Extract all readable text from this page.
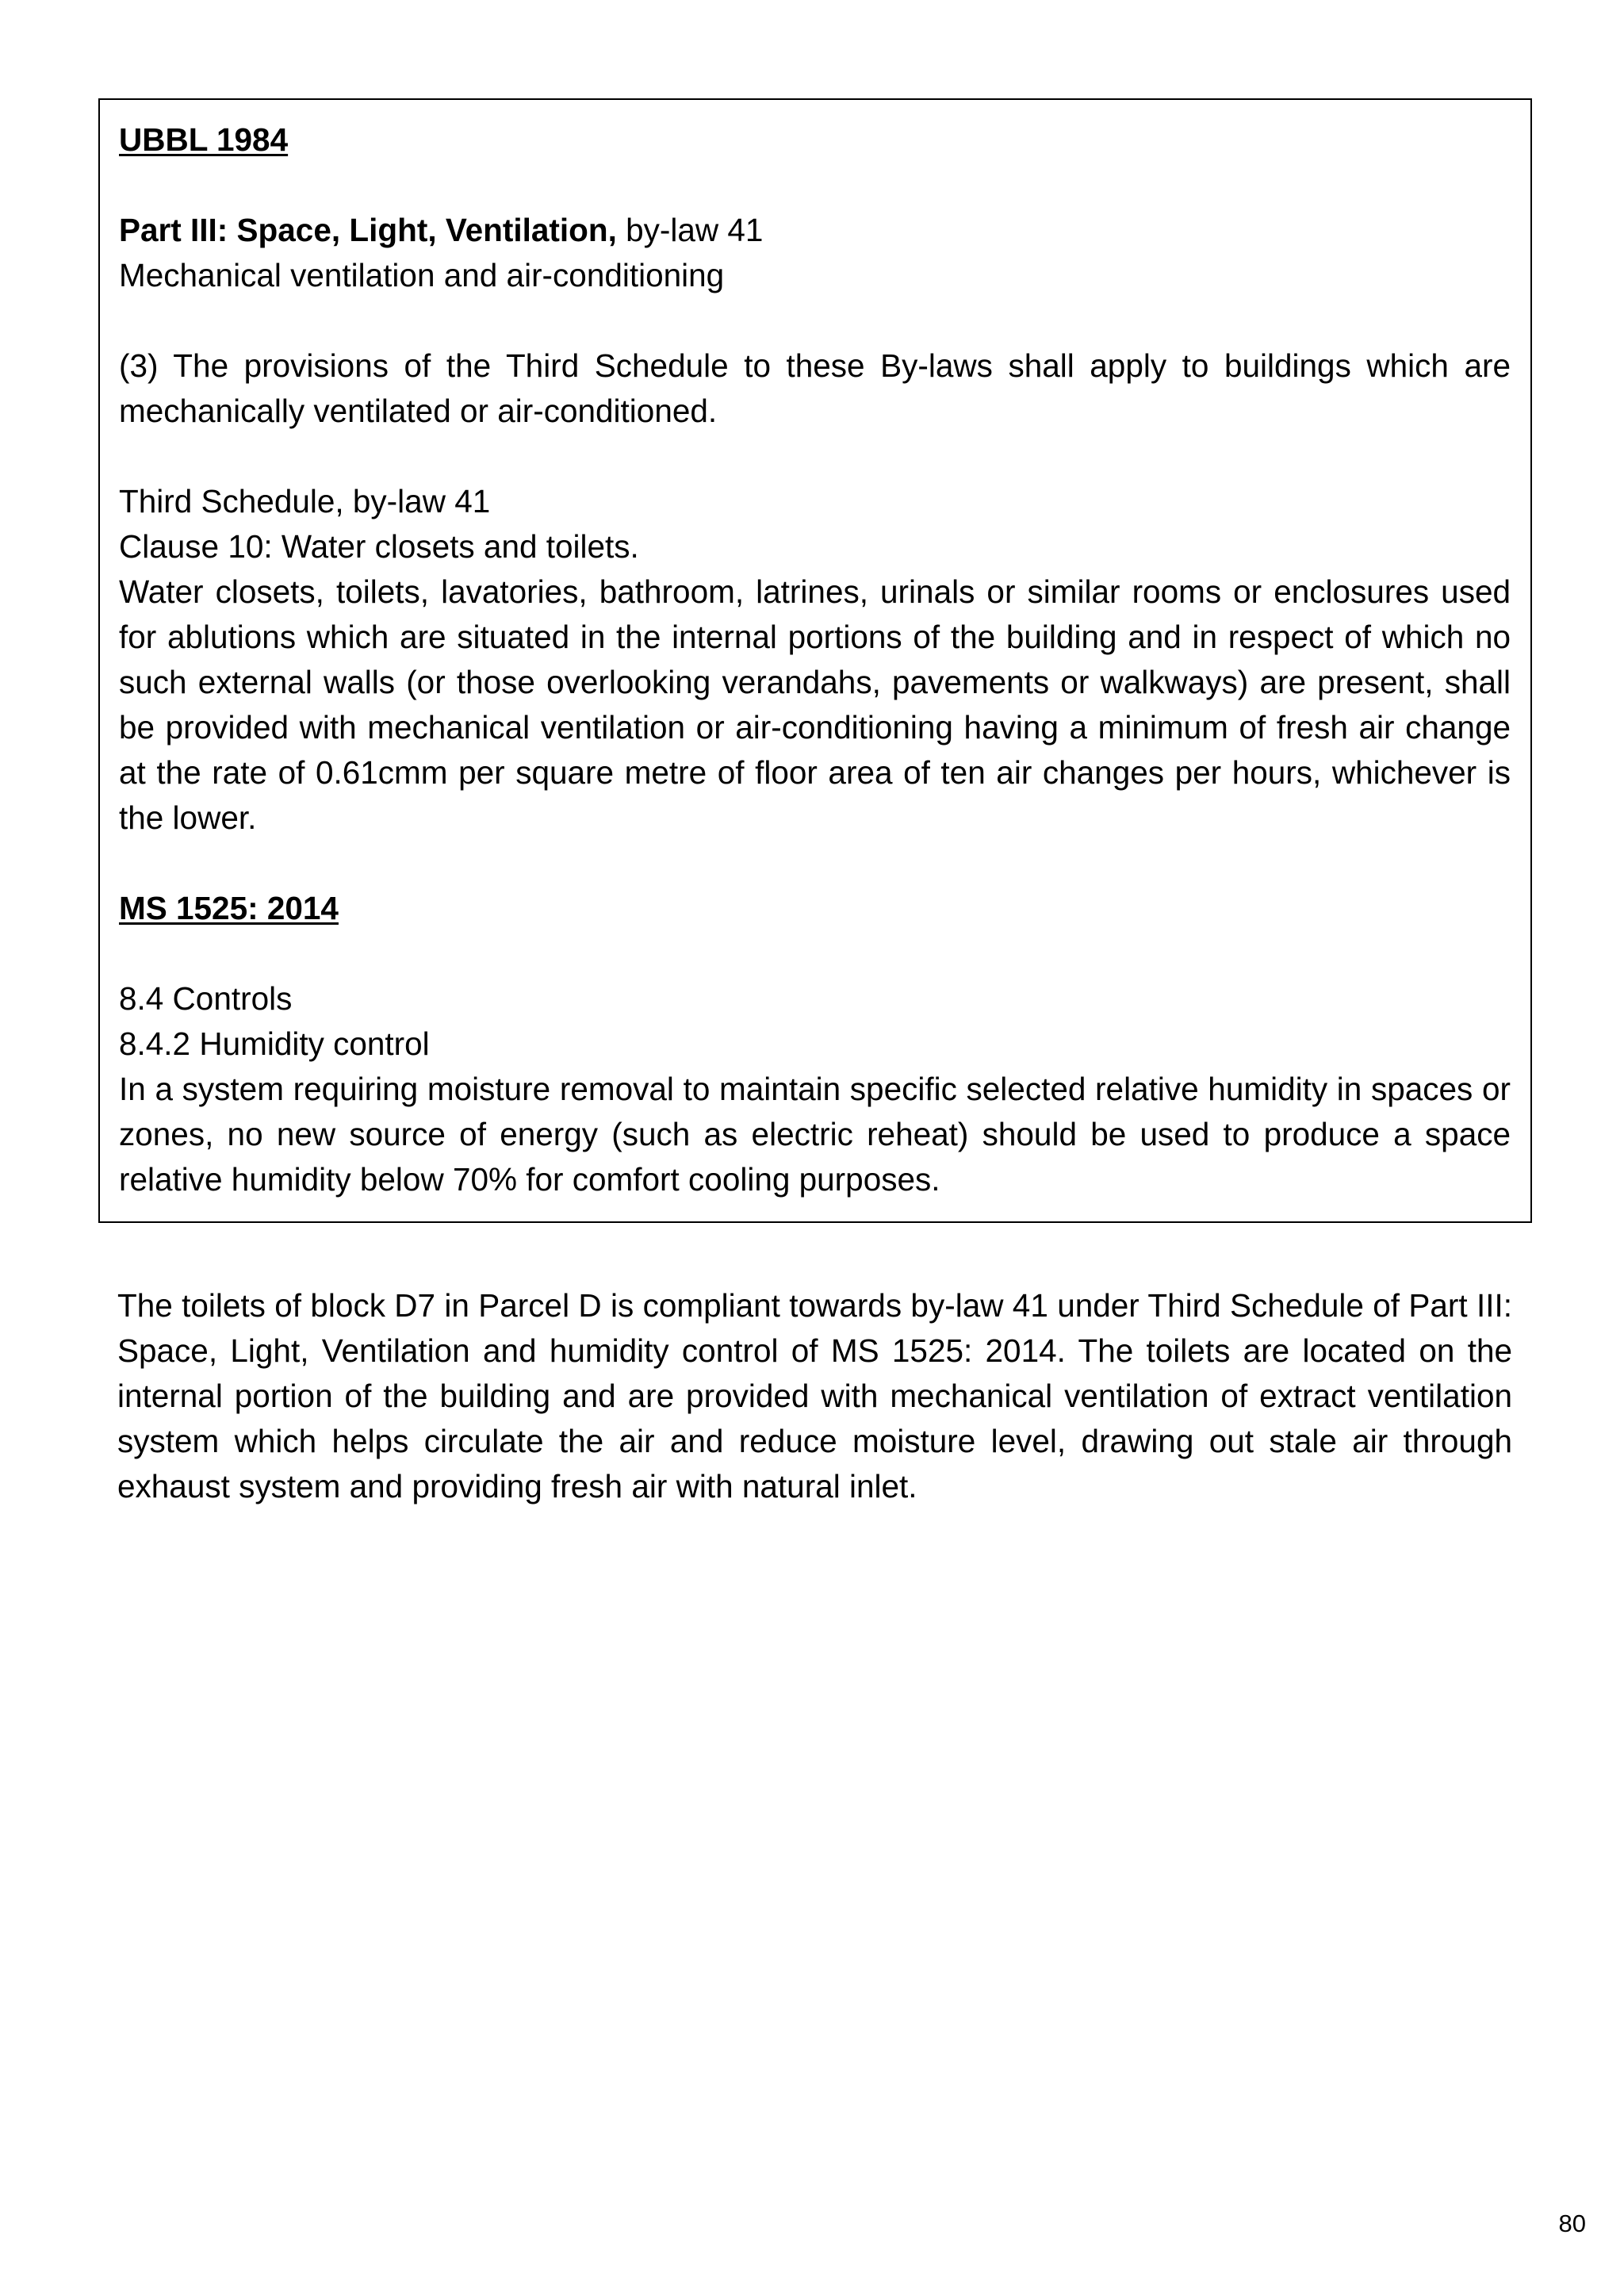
UBBL 1984

Part III: Space, Light, Ventilation, by-law 41

Mechanical ventilation and air-conditioning

(3) The provisions of the Third Schedule to these By-laws shall apply to buildings which are mechanically ventilated or air-conditioned.

Third Schedule, by-law 41

Clause 10: Water closets and toilets.

Water closets, toilets, lavatories, bathroom, latrines, urinals or similar rooms or enclosures used for ablutions which are situated in the internal portions of the building and in respect of which no such external walls (or those overlooking verandahs, pavements or walkways) are present, shall be provided with mechanical ventilation or air-conditioning having a minimum of fresh air change at the rate of 0.61cmm per square metre of floor area of ten air changes per hours, whichever is the lower.

MS 1525: 2014

8.4 Controls

8.4.2 Humidity control

In a system requiring moisture removal to maintain specific selected relative humidity in spaces or zones, no new source of energy (such as electric reheat) should be used to produce a space relative humidity below 70% for comfort cooling purposes.

The toilets of block D7 in Parcel D is compliant towards by-law 41 under Third Schedule of Part III: Space, Light, Ventilation and humidity control of MS 1525: 2014. The toilets are located on the internal portion of the building and are provided with mechanical ventilation of extract ventilation system which helps circulate the air and reduce moisture level, drawing out stale air through exhaust system and providing fresh air with natural inlet.

80
